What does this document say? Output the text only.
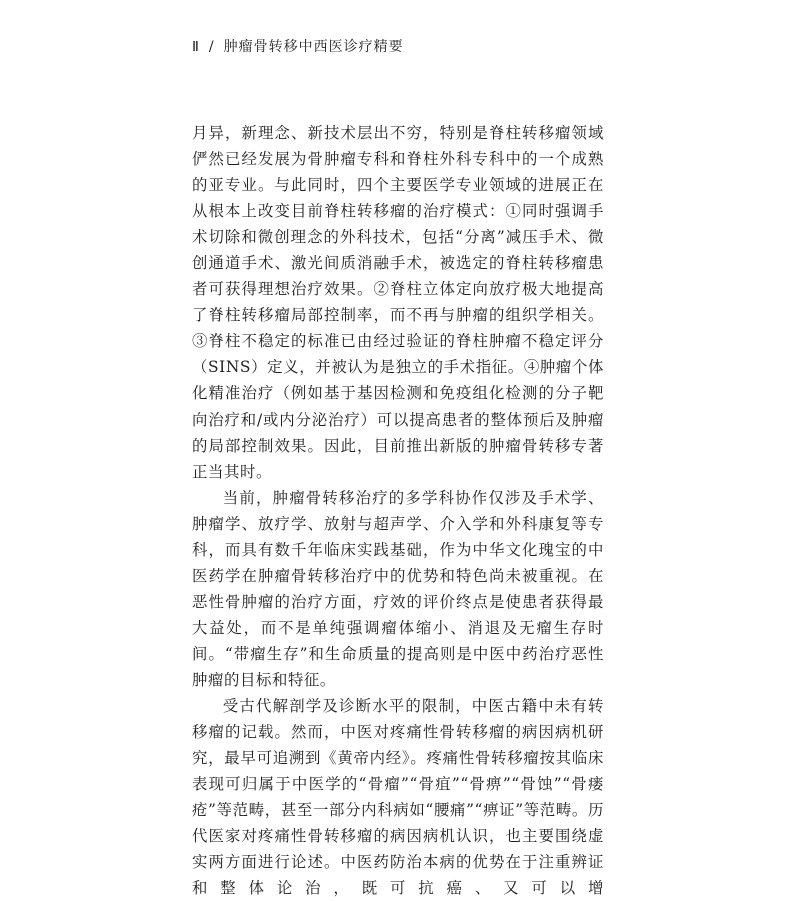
Ⅱ / 肿瘤骨转移中西医诊疗精要

月异，新理念、新技术层出不穷，特别是脊柱转移瘤领域俨然已经发展为骨肿瘤专科和脊柱外科专科中的一个成熟的亚专业。与此同时，四个主要医学专业领域的进展正在从根本上改变目前脊柱转移瘤的治疗模式：①同时强调手术切除和微创理念的外科技术，包括“分离”减压手术、微创通道手术、激光间质消融手术，被选定的脊柱转移瘤患者可获得理想治疗效果。②脊柱立体定向放疗极大地提高了脊柱转移瘤局部控制率，而不再与肿瘤的组织学相关。③脊柱不稳定的标准已由经过验证的脊柱肿瘤不稳定评分（SINS）定义，并被认为是独立的手术指征。④肿瘤个体化精准治疗（例如基于基因检测和免疫组化检测的分子靶向治疗和/或内分泌治疗）可以提高患者的整体预后及肿瘤的局部控制效果。因此，目前推出新版的肿瘤骨转移专著正当其时。

当前，肿瘤骨转移治疗的多学科协作仅涉及手术学、肿瘤学、放疗学、放射与超声学、介入学和外科康复等专科，而具有数千年临床实践基础，作为中华文化瑰宝的中医药学在肿瘤骨转移治疗中的优势和特色尚未被重视。在恶性骨肿瘤的治疗方面，疗效的评价终点是使患者获得最大益处，而不是单纯强调瘤体缩小、消退及无瘤生存时间。“带瘤生存”和生命质量的提高则是中医中药治疗恶性肿瘤的目标和特征。

受古代解剖学及诊断水平的限制，中医古籍中未有转移瘤的记载。然而，中医对疼痛性骨转移瘤的病因病机研究，最早可追溯到《黄帝内经》。疼痛性骨转移瘤按其临床表现可归属于中医学的“骨瘤”“骨疽”“骨痹”“骨蚀”“骨瘘疮”等范畴，甚至一部分内科病如“腰痛”“痹证”等范畴。历代医家对疼痛性骨转移瘤的病因病机认识，也主要围绕虚实两方面进行论述。中医药防治本病的优势在于注重辨证和整体论治，既可抗癌、又可以增
